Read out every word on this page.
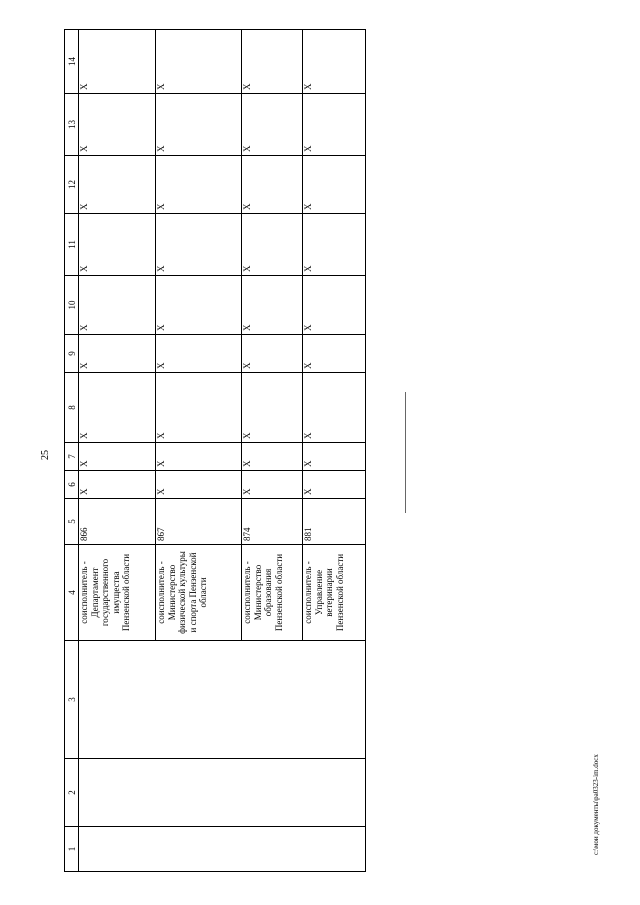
25
1	2	3	4	5	6	7	8	9	10	11	12	13	14
			соисполнитель - Департамент государственного имущества Пензенской области	866	X	X	X	X	X	X	X	X	X
			соисполнитель - Министерство физической культуры и спорта Пензенской области	867	X	X	X	X	X	X	X	X	X
			соисполнитель - Министерство образования Пензенской области	874	X	X	X	X	X	X	X	X	X
			соисполнитель - Управление ветеринарии Пензенской области	881	X	X	X	X	X	X	X	X	X
c:\мои документы\pa0323-im.docx
